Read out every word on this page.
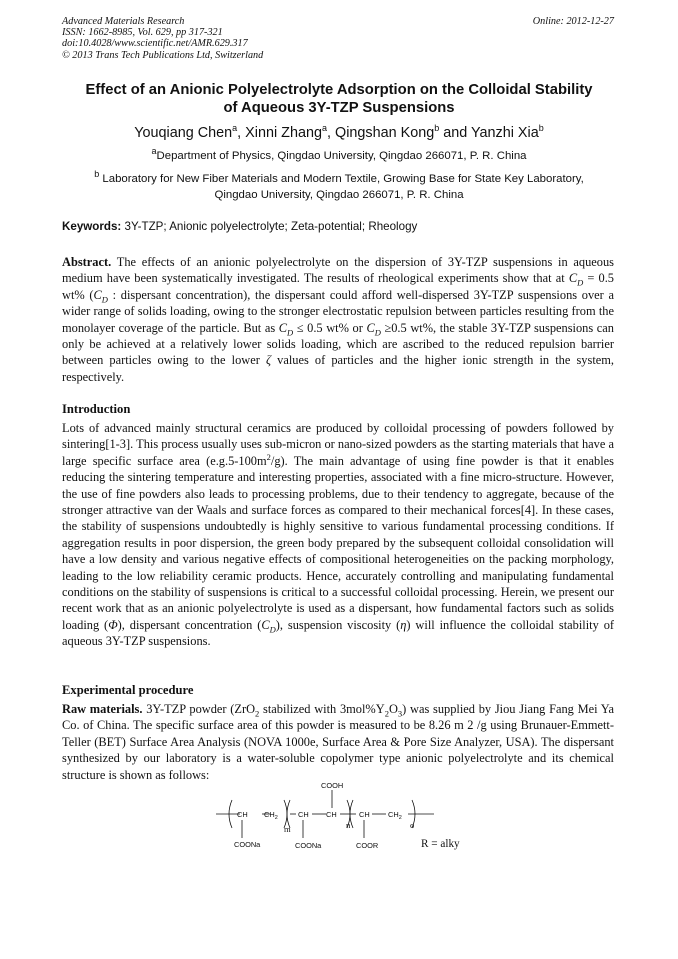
Advanced Materials Research
ISSN: 1662-8985, Vol. 629, pp 317-321
doi:10.4028/www.scientific.net/AMR.629.317
© 2013 Trans Tech Publications Ltd, Switzerland
Online: 2012-12-27
Effect of an Anionic Polyelectrolyte Adsorption on the Colloidal Stability
of Aqueous 3Y-TZP Suspensions
Youqiang Chen$^a$, Xinni Zhang$^a$, Qingshan Kong$^b$ and Yanzhi Xia$^b$
$^a$Department of Physics, Qingdao University, Qingdao 266071, P. R. China
$^b$ Laboratory for New Fiber Materials and Modern Textile, Growing Base for State Key Laboratory,
Qingdao University, Qingdao 266071, P. R. China
Keywords: 3Y-TZP; Anionic polyelectrolyte; Zeta-potential; Rheology
Abstract. The effects of an anionic polyelectrolyte on the dispersion of 3Y-TZP suspensions in aqueous medium have been systematically investigated. The results of rheological experiments show that at $C_D = 0.5$ wt% ($C_D$ : dispersant concentration), the dispersant could afford well-dispersed 3Y-TZP suspensions over a wider range of solids loading, owing to the stronger electrostatic repulsion between particles resulting from the monolayer coverage of the particle. But as $C_D \le 0.5$ wt% or $C_D \ge 0.5$ wt%, the stable 3Y-TZP suspensions can only be achieved at a relatively lower solids loading, which are ascribed to the reduced repulsion barrier between particles owing to the lower ζ values of particles and the higher ionic strength in the system, respectively.
Introduction
Lots of advanced mainly structural ceramics are produced by colloidal processing of powders followed by sintering[1-3]. This process usually uses sub-micron or nano-sized powders as the starting materials that have a large specific surface area $(e.g.5-100m^2/g)$. The main advantage of using fine powder is that it enables reducing the sintering temperature and interesting properties, associated with a fine micro-structure. However, the use of fine powders also leads to processing problems, due to their tendency to aggregate, because of the stronger attractive van der Waals and surface forces as compared to their mechanical forces[4]. In these cases, the stability of suspensions undoubtedly is highly sensitive to various fundamental processing conditions. If aggregation results in poor dispersion, the green body prepared by the subsequent colloidal consolidation will have a low density and various negative effects of compositional heterogeneities on the packing morphology, leading to the low reliability ceramic products. Hence, accurately controlling and manipulating fundamental conditions on the stability of suspensions is critical to a successful colloidal processing. Herein, we present our recent work that as an anionic polyelectrolyte is used as a dispersant, how fundamental factors such as solids loading (Φ), dispersant concentration $(C_D)$, suspension viscosity (η) will influence the colloidal stability of aqueous 3Y-TZP suspensions.
Experimental procedure
Raw materials. 3Y-TZP powder (ZrO$_2$ stabilized with $3mol\%Y_2O_3$) was supplied by Jiou Jiang Fang Mei Ya Co. of China. The specific surface area of this powder is measured to be 8.26 m 2 /g using Brunauer-Emmett-Teller (BET) Surface Area Analysis (NOVA 1000e, Surface Area & Pore Size Analyzer, USA). The dispersant synthesized by our laboratory is a water-soluble copolymer type anionic polyelectrolyte and its chemical structure is shown as follows:
COOH
CH $CH_2$	CH CH	CH $CH_2$
m	n	o
COONa	COONa	COOR	R = alky
